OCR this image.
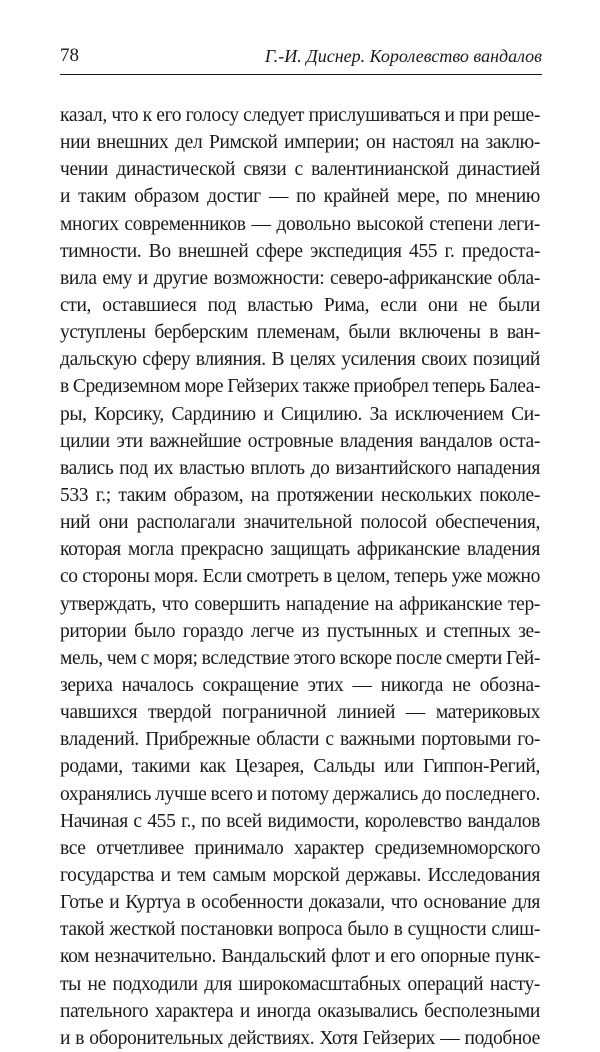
78	Г.-И. Диснер. Королевство вандалов
казал, что к его голосу следует прислушиваться и при реше-
нии внешних дел Римской империи; он настоял на заклю-
чении династической связи с валентинианской династией
и таким образом достиг — по крайней мере, по мнению
многих современников — довольно высокой степени леги-
тимности. Во внешней сфере экспедиция 455 г. предоста-
вила ему и другие возможности: северо-африканские обла-
сти, оставшиеся под властью Рима, если они не были
уступлены берберским племенам, были включены в ван-
дальскую сферу влияния. В целях усиления своих позиций
в Средиземном море Гейзерих также приобрел теперь Балеа-
ры, Корсику, Сардинию и Сицилию. За исключением Си-
цилии эти важнейшие островные владения вандалов оста-
вались под их властью вплоть до византийского нападения
533 г.; таким образом, на протяжении нескольких поколе-
ний они располагали значительной полосой обеспечения,
которая могла прекрасно защищать африканские владения
со стороны моря. Если смотреть в целом, теперь уже можно
утверждать, что совершить нападение на африканские тер-
ритории было гораздо легче из пустынных и степных зе-
мель, чем с моря; вследствие этого вскоре после смерти Гей-
зериха началось сокращение этих — никогда не обозна-
чавшихся твердой пограничной линией — материковых
владений. Прибрежные области с важными портовыми го-
родами, такими как Цезарея, Сальды или Гиппон-Регий,
охранялись лучше всего и потому держались до последнего.
Начиная с 455 г., по всей видимости, королевство вандалов
все отчетливее принимало характер средиземноморского
государства и тем самым морской державы. Исследования
Готье и Куртуа в особенности доказали, что основание для
такой жесткой постановки вопроса было в сущности слиш-
ком незначительно. Вандальский флот и его опорные пунк-
ты не подходили для широкомасштабных операций насту-
пательного характера и иногда оказывались бесполезными
и в оборонительных действиях. Хотя Гейзерих — подобное
